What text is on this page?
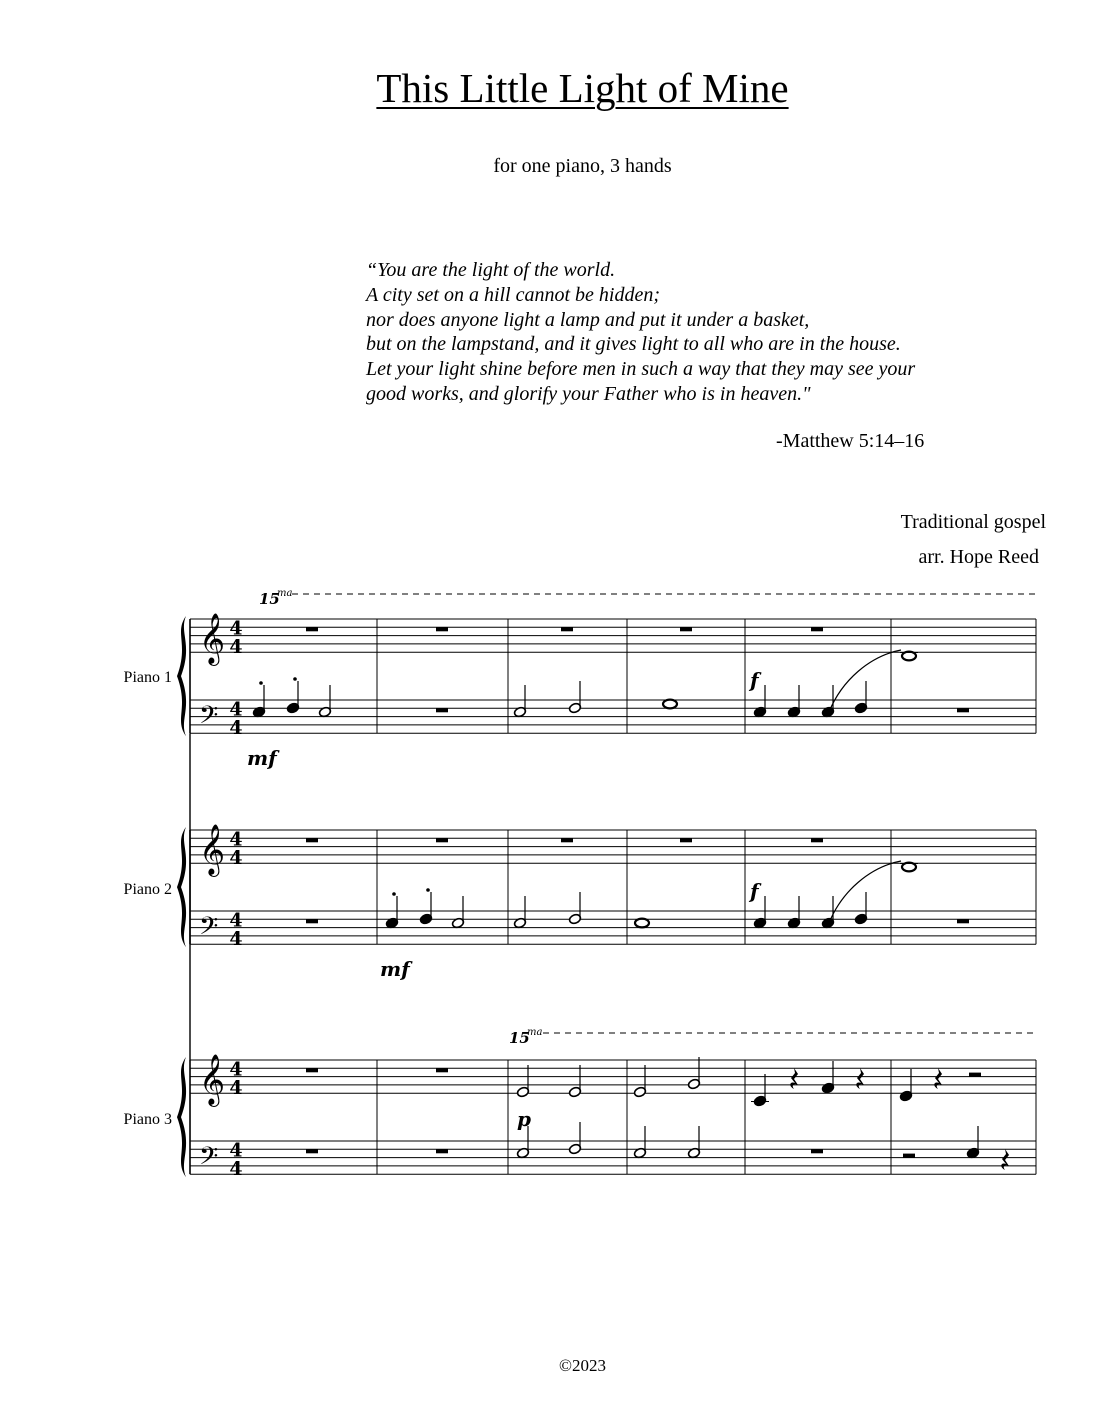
This Little Light of Mine
for one piano, 3 hands
“You are the light of the world.
A city set on a hill cannot be hidden;
nor does anyone light a lamp and put it under a basket,
but on the lampstand, and it gives light to all who are in the house.
Let your light shine before men in such a way that they may see your
good works, and glorify your Father who is in heaven."
-Matthew 5:14–16
Traditional gospel
arr. Hope Reed
Piano 1
Piano 2
Piano 3
𝄞
𝄢
𝄞
𝄢
𝄞
𝄢
4
4
4
4
4
4
4
4
4
4
4
4
15
ma
15
ma
mf
f
mf
f
p
©2023
